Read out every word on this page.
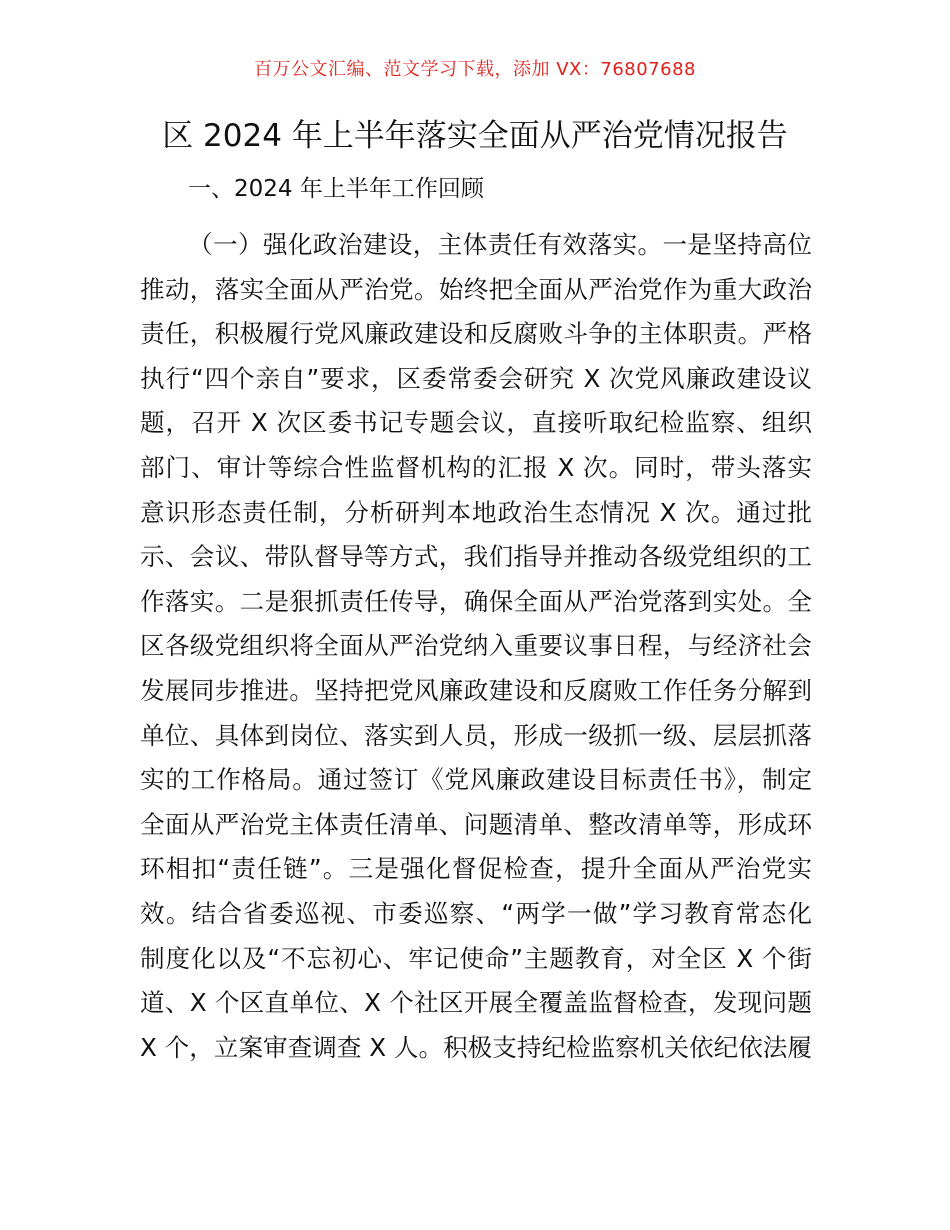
百万公文汇编、范文学习下载，添加 VX：76807688
区 2024 年上半年落实全面从严治党情况报告
一、2024 年上半年工作回顾
（一）强化政治建设，主体责任有效落实。一是坚持高位
推动，落实全面从严治党。始终把全面从严治党作为重大政治
责任，积极履行党风廉政建设和反腐败斗争的主体职责。严格
执行“四个亲自”要求，区委常委会研究 X 次党风廉政建设议
题，召开 X 次区委书记专题会议，直接听取纪检监察、组织
部门、审计等综合性监督机构的汇报 X 次。同时，带头落实
意识形态责任制，分析研判本地政治生态情况 X 次。通过批
示、会议、带队督导等方式，我们指导并推动各级党组织的工
作落实。二是狠抓责任传导，确保全面从严治党落到实处。全
区各级党组织将全面从严治党纳入重要议事日程，与经济社会
发展同步推进。坚持把党风廉政建设和反腐败工作任务分解到
单位、具体到岗位、落实到人员，形成一级抓一级、层层抓落
实的工作格局。通过签订《党风廉政建设目标责任书》，制定
全面从严治党主体责任清单、问题清单、整改清单等，形成环
环相扣“责任链”。三是强化督促检查，提升全面从严治党实
效。结合省委巡视、市委巡察、“两学一做”学习教育常态化
制度化以及“不忘初心、牢记使命”主题教育，对全区 X 个街
道、X 个区直单位、X 个社区开展全覆盖监督检查，发现问题
X 个，立案审查调查 X 人。积极支持纪检监察机关依纪依法履
